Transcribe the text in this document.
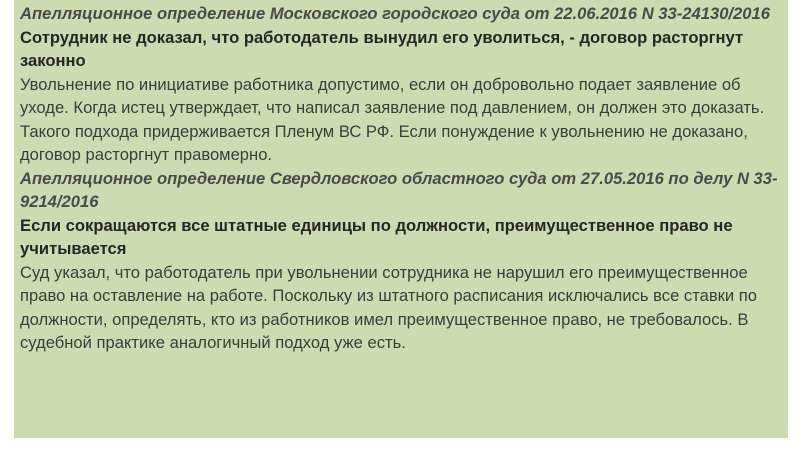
Апелляционное определение Московского городского суда от 22.06.2016 N 33-24130/2016

Сотрудник не доказал, что работодатель вынудил его уволиться, - договор расторгнут законно

Увольнение по инициативе работника допустимо, если он добровольно подает заявление об уходе. Когда истец утверждает, что написал заявление под давлением, он должен это доказать. Такого подхода придерживается Пленум ВС РФ. Если понуждение к увольнению не доказано, договор расторгнут правомерно.

Апелляционное определение Свердловского областного суда от 27.05.2016 по делу N 33-9214/2016

Если сокращаются все штатные единицы по должности, преимущественное право не учитывается

Суд указал, что работодатель при увольнении сотрудника не нарушил его преимущественное право на оставление на работе. Поскольку из штатного расписания исключались все ставки по должности, определять, кто из работников имел преимущественное право, не требовалось. В судебной практике аналогичный подход уже есть.
